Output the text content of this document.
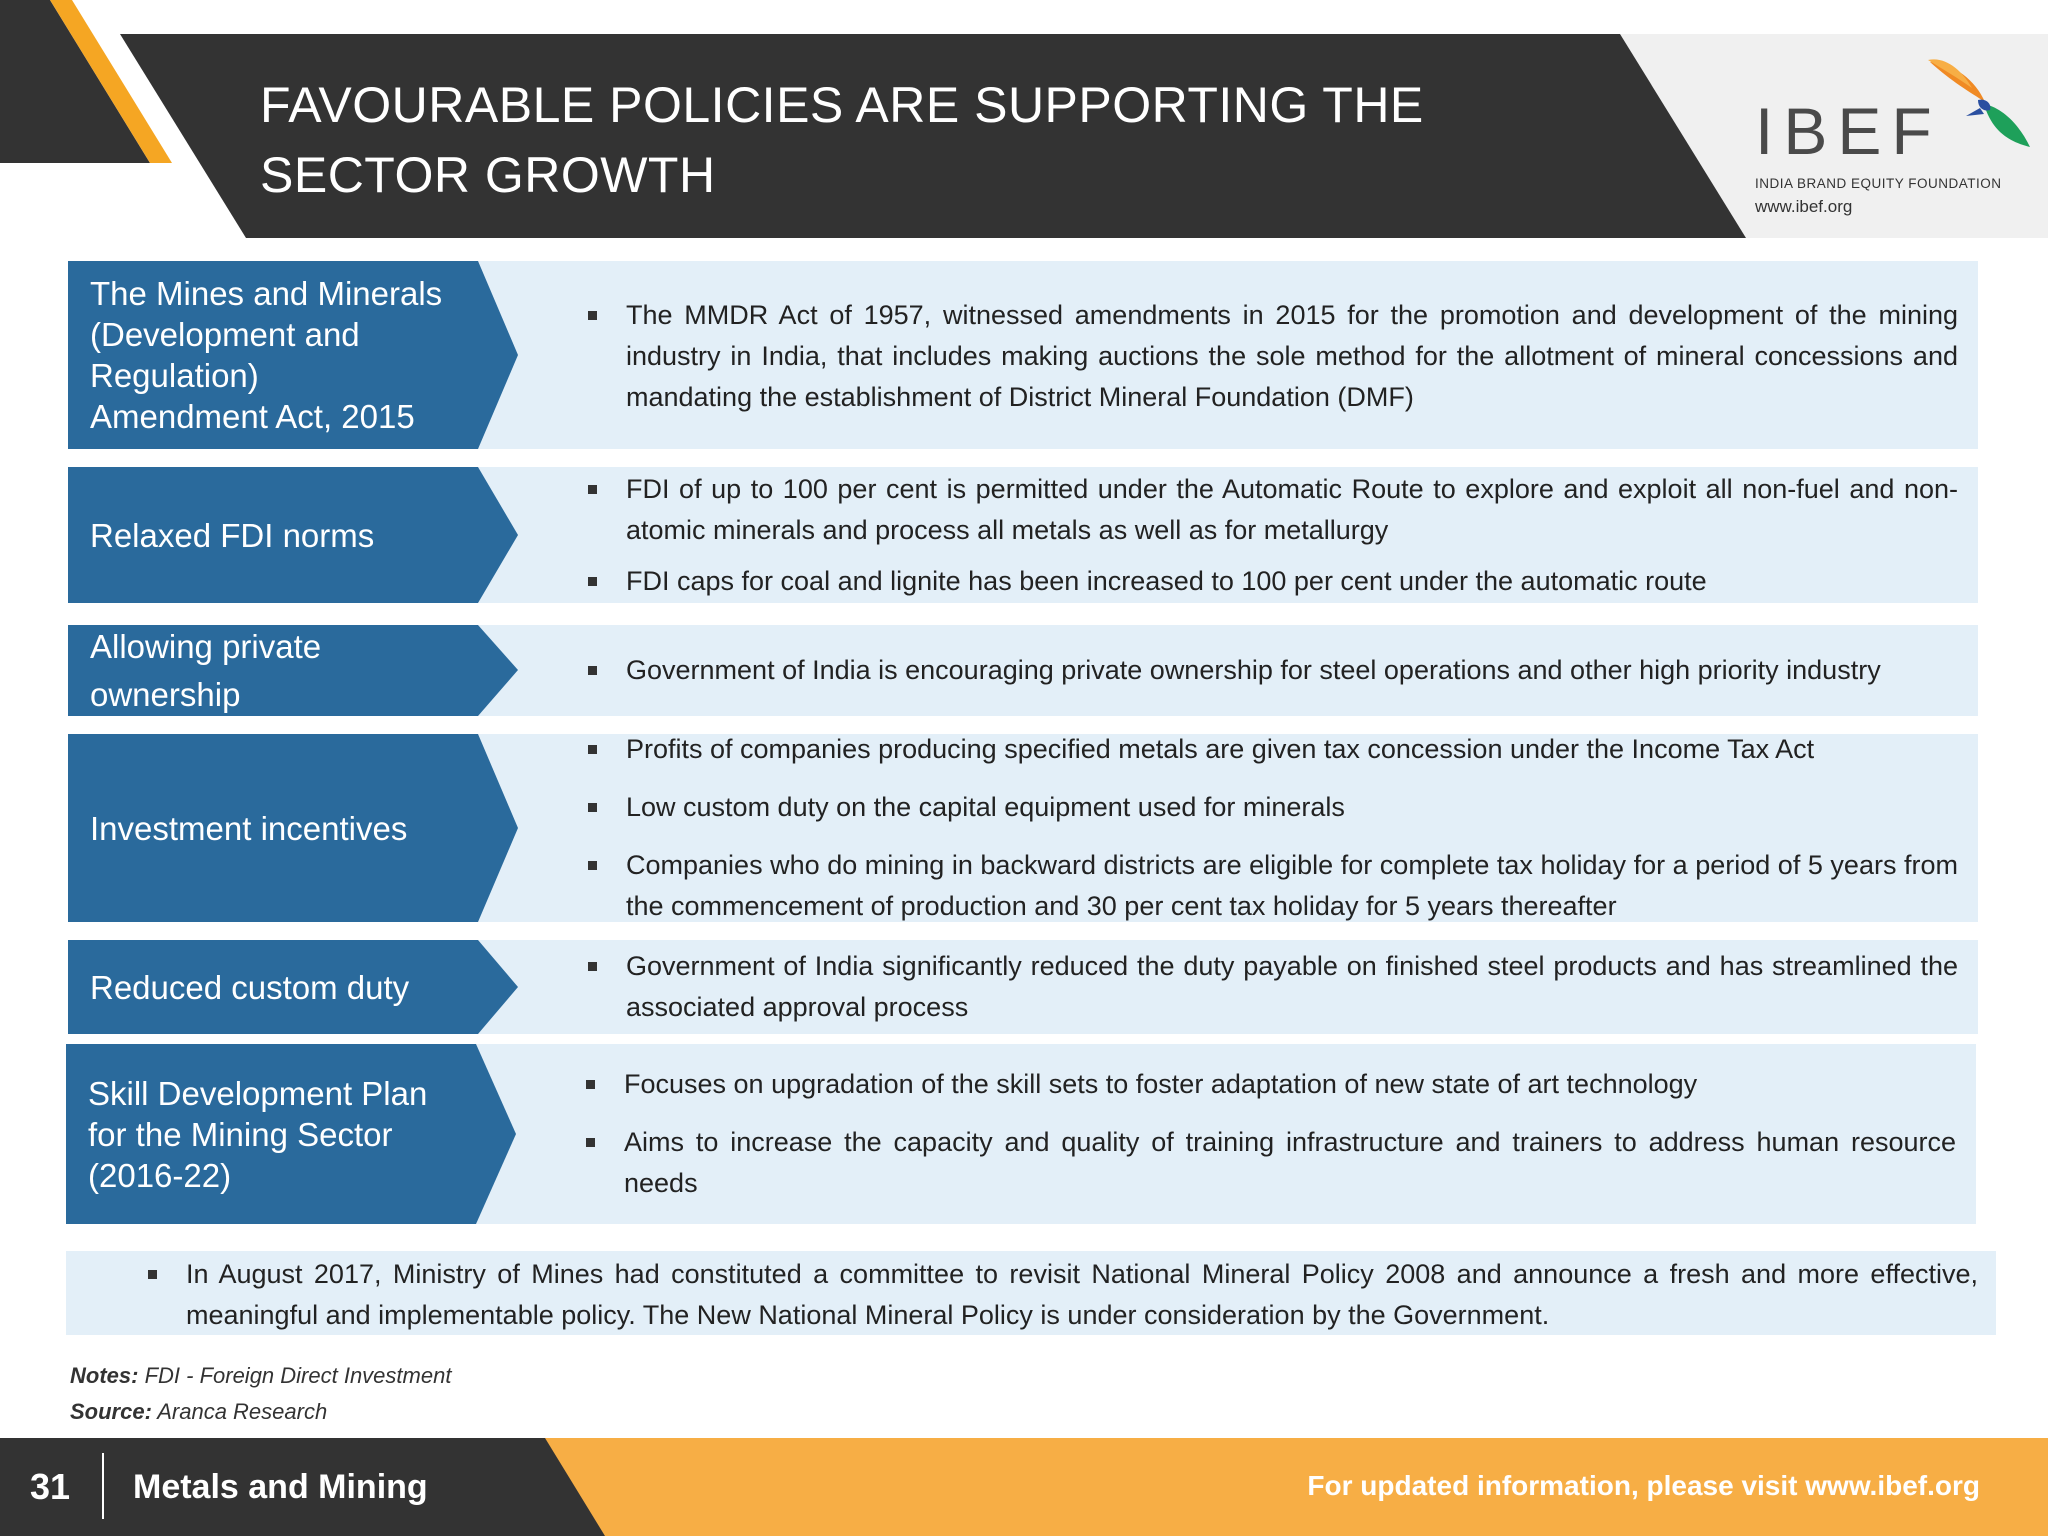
FAVOURABLE POLICIES ARE SUPPORTING THE
SECTOR GROWTH
IBEF
INDIA BRAND EQUITY FOUNDATION
www.ibef.org
The Mines and Minerals (Development and Regulation)
Amendment Act, 2015
The MMDR Act of 1957, witnessed amendments in 2015 for the promotion and development of the mining industry in India, that includes making auctions the sole method for the allotment of mineral concessions and mandating the establishment of District Mineral Foundation (DMF)
Relaxed FDI norms
FDI of up to 100 per cent is permitted under the Automatic Route to explore and exploit all non-fuel and non-atomic minerals and process all metals as well as for metallurgy
FDI caps for coal and lignite has been increased to 100 per cent under the automatic route
Allowing private ownership
Government of India is encouraging private ownership for steel operations and other high priority industry
Investment incentives
Profits of companies producing specified metals are given tax concession under the Income Tax Act
Low custom duty on the capital equipment used for minerals
Companies who do mining in backward districts are eligible for complete tax holiday for a period of 5 years from the commencement of production and 30 per cent tax holiday for 5 years thereafter
Reduced custom duty
Government of India significantly reduced the duty payable on finished steel products and has streamlined the associated approval process
Skill Development Plan for the Mining Sector (2016-22)
Focuses on upgradation of the skill sets to foster adaptation of new state of art technology
Aims to increase the capacity and quality of training infrastructure and trainers to address human resource needs
In August 2017, Ministry of Mines had constituted a committee to revisit National Mineral Policy 2008 and announce a fresh and more effective, meaningful and implementable policy. The New National Mineral Policy is under consideration by the Government.
Notes: FDI - Foreign Direct Investment
Source: Aranca Research
31 Metals and Mining	For updated information, please visit www.ibef.org
